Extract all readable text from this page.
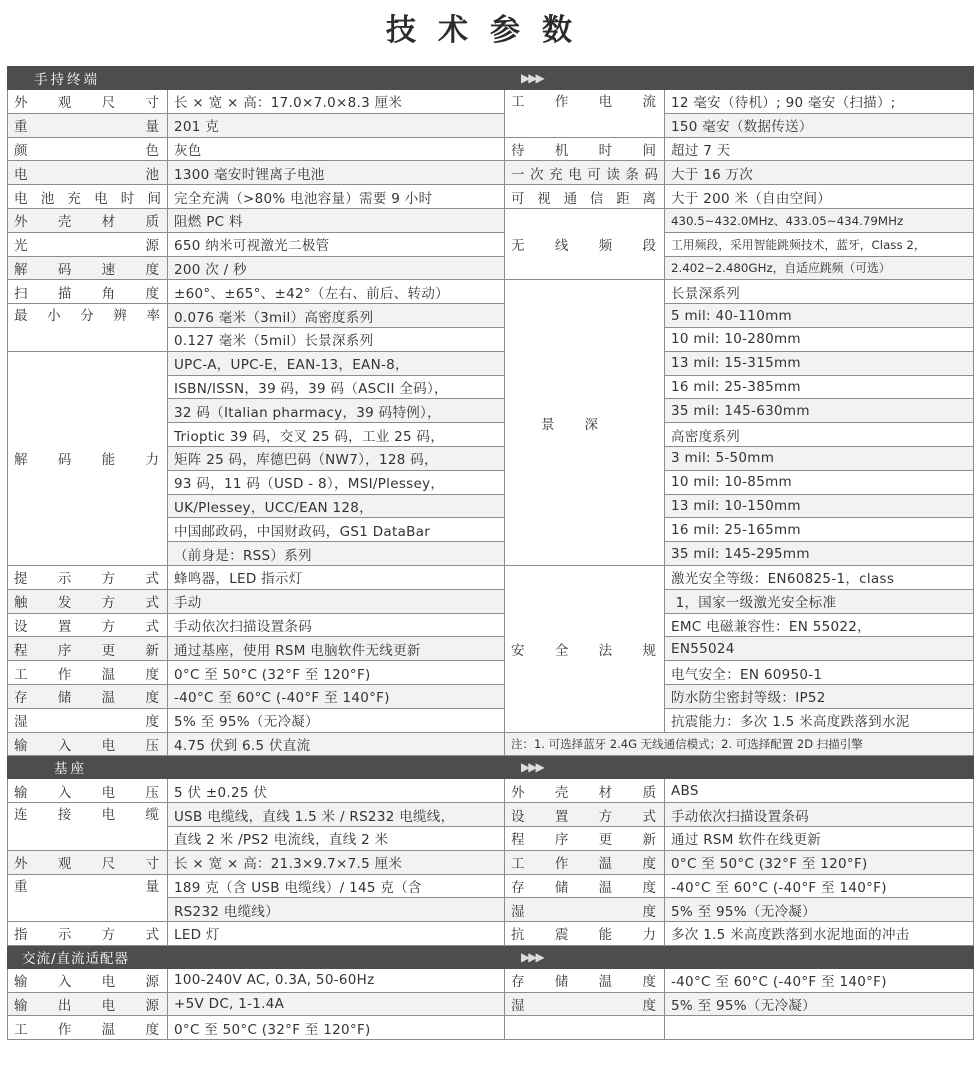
技术参数
手持终端		▶▶▶	
外观尺寸	长 × 宽 × 高：17.0×7.0×8.3 厘米	工作电流	12 毫安（待机）; 90 毫安（扫描）;
重量	201 克		150 毫安（数据传送）
颜色	灰色	待机时间	超过 7 天
电池	1300 毫安时锂离子电池	一次充电可读条码	大于 16 万次
电池充电时间	完全充满（>80% 电池容量）需要 9 小时	可视通信距离	大于 200 米（自由空间）
外壳材质	阻燃 PC 料	无线频段	430.5~432.0MHz、433.05~434.79MHz
光源	650 纳米可视激光二极管		工用频段，采用智能跳频技术，蓝牙，Class 2，
解码速度	200 次 / 秒		2.402~2.480GHz，自适应跳频（可选）
扫描角度	±60°、±65°、±42°（左右、前后、转动）	景深	长景深系列
最小分辨率	0.076 毫米（3mil）高密度系列		5 mil: 40-110mm
	0.127 毫米（5mil）长景深系列		10 mil: 10-280mm
解码能力	UPC-A，UPC-E，EAN-13，EAN-8，		13 mil: 15-315mm
	ISBN/ISSN，39 码，39 码（ASCII 全码），		16 mil: 25-385mm
	32 码（Italian pharmacy，39 码特例），		35 mil: 145-630mm
	Trioptic 39 码，交叉 25 码，工业 25 码，		高密度系列
	矩阵 25 码，库德巴码（NW7），128 码，		3 mil: 5-50mm
	93 码，11 码（USD - 8），MSI/Plessey，		10 mil: 10-85mm
	UK/Plessey，UCC/EAN 128，		13 mil: 10-150mm
	中国邮政码，中国财政码，GS1 DataBar		16 mil: 25-165mm
	（前身是：RSS）系列		35 mil: 145-295mm
提示方式	蜂鸣器，LED 指示灯	安全法规	激光安全等级：EN60825-1，class
触发方式	手动		1，国家一级激光安全标准
设置方式	手动依次扫描设置条码		EMC 电磁兼容性：EN 55022，
程序更新	通过基座，使用 RSM 电脑软件无线更新		EN55024
工作温度	0°C 至 50°C (32°F 至 120°F)		电气安全：EN 60950-1
存储温度	-40°C 至 60°C (-40°F 至 140°F)		防水防尘密封等级：IP52
湿度	5% 至 95%（无冷凝）		抗震能力：多次 1.5 米高度跌落到水泥
输入电压	4.75 伏到 6.5 伏直流	注：1. 可选择蓝牙 2.4G 无线通信模式；2. 可选择配置 2D 扫描引擎	
基座		▶▶▶	
输入电压	5 伏 ±0.25 伏	外壳材质	ABS
连接电缆	USB 电缆线，直线 1.5 米 / RS232 电缆线，	设置方式	手动依次扫描设置条码
	直线 2 米 /PS2 电流线，直线 2 米	程序更新	通过 RSM 软件在线更新
外观尺寸	长 × 宽 × 高：21.3×9.7×7.5 厘米	工作温度	0°C 至 50°C (32°F 至 120°F)
重量	189 克（含 USB 电缆线）/ 145 克（含	存储温度	-40°C 至 60°C (-40°F 至 140°F)
	RS232 电缆线）	湿度	5% 至 95%（无冷凝）
指示方式	LED 灯	抗震能力	多次 1.5 米高度跌落到水泥地面的冲击
交流/直流适配器		▶▶▶	
输入电源	100-240V AC, 0.3A, 50-60Hz	存储温度	-40°C 至 60°C (-40°F 至 140°F)
输出电源	+5V DC, 1-1.4A	湿度	5% 至 95%（无冷凝）
工作温度	0°C 至 50°C (32°F 至 120°F)		
